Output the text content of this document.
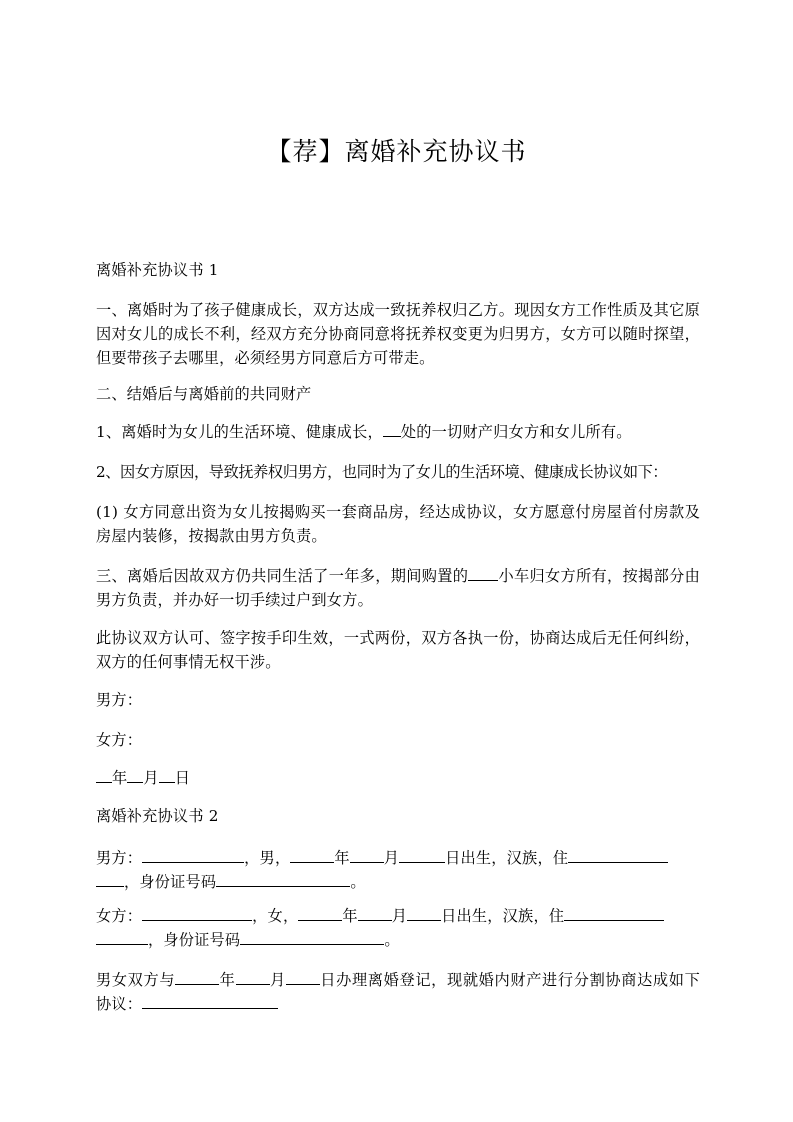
【荐】离婚补充协议书

离婚补充协议书 1

一、离婚时为了孩子健康成长，双方达成一致抚养权归乙方。现因女方工作性质及其它原因对女儿的成长不利，经双方充分协商同意将抚养权变更为归男方，女方可以随时探望，但要带孩子去哪里，必须经男方同意后方可带走。

二、结婚后与离婚前的共同财产

1、离婚时为女儿的生活环境、健康成长， 处的一切财产归女方和女儿所有。

2、因女方原因，导致抚养权归男方，也同时为了女儿的生活环境、健康成长协议如下：

(1) 女方同意出资为女儿按揭购买一套商品房，经达成协议，女方愿意付房屋首付房款及房屋内装修，按揭款由男方负责。

三、离婚后因故双方仍共同生活了一年多，期间购置的 小车归女方所有，按揭部分由男方负责，并办好一切手续过户到女方。

此协议双方认可、签字按手印生效，一式两份，双方各执一份，协商达成后无任何纠纷，双方的任何事情无权干涉。

男方：

女方：

年 月 日

离婚补充协议书 2

男方：	，男，	年 月	日出生，汉族，住
，身份证号码	。

女方：	，女，	年 月 日出生，汉族，住
，身份证号码	。

男女双方与	年 月 日办理离婚登记，现就婚内财产进行分割协商达成如下协议：
